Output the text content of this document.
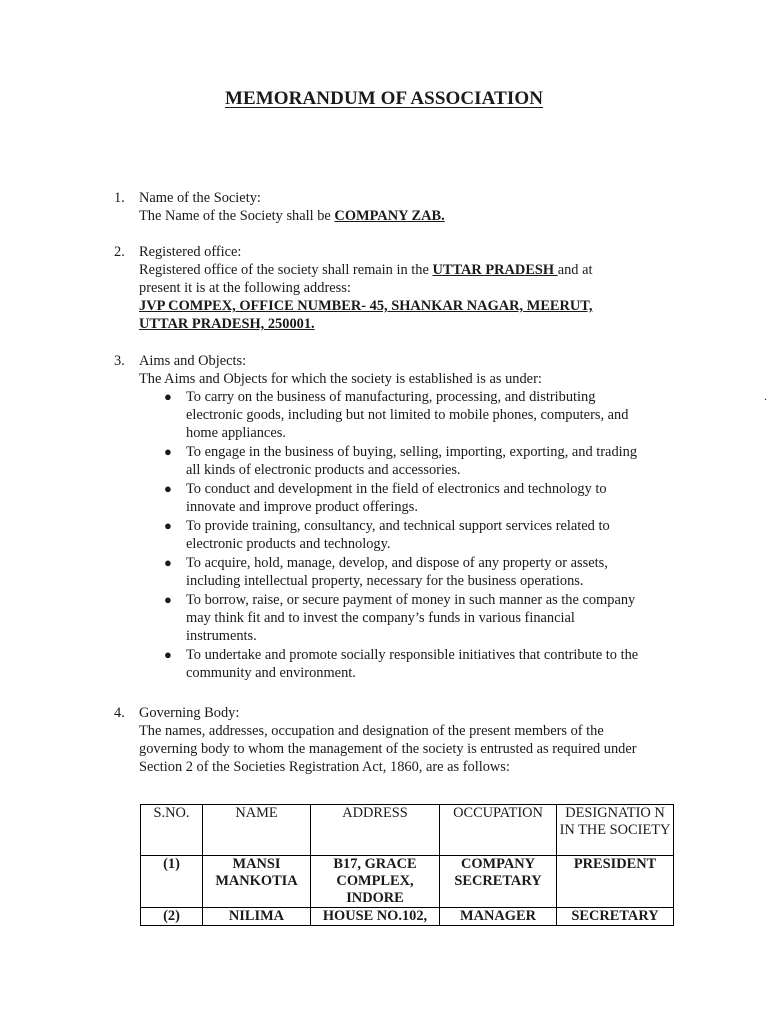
MEMORANDUM OF ASSOCIATION
1. Name of the Society:
The Name of the Society shall be COMPANY ZAB.
2. Registered office:
Registered office of the society shall remain in the UTTAR PRADESH and at
present it is at the following address:
JVP COMPEX, OFFICE NUMBER- 45, SHANKAR NAGAR, MEERUT,
UTTAR PRADESH, 250001.
3. Aims and Objects:
The Aims and Objects for which the society is established is as under:
● To carry on the business of manufacturing, processing, and distributing
electronic goods, including but not limited to mobile phones, computers, and
home appliances.
● To engage in the business of buying, selling, importing, exporting, and trading
all kinds of electronic products and accessories.
● To conduct and development in the field of electronics and technology to
innovate and improve product offerings.
● To provide training, consultancy, and technical support services related to
electronic products and technology.
● To acquire, hold, manage, develop, and dispose of any property or assets,
including intellectual property, necessary for the business operations.
● To borrow, raise, or secure payment of money in such manner as the company
may think fit and to invest the company’s funds in various financial
instruments.
● To undertake and promote socially responsible initiatives that contribute to the
community and environment.
4. Governing Body:
The names, addresses, occupation and designation of the present members of the
governing body to whom the management of the society is entrusted as required under
Section 2 of the Societies Registration Act, 1860, are as follows:
S.NO.	NAME	ADDRESS	OCCUPATION	DESIGNATIO N IN THE SOCIETY
(1)	MANSI MANKOTIA	B17, GRACE COMPLEX, INDORE	COMPANY SECRETARY	PRESIDENT
(2)	NILIMA	HOUSE NO.102,	MANAGER	SECRETARY
.
